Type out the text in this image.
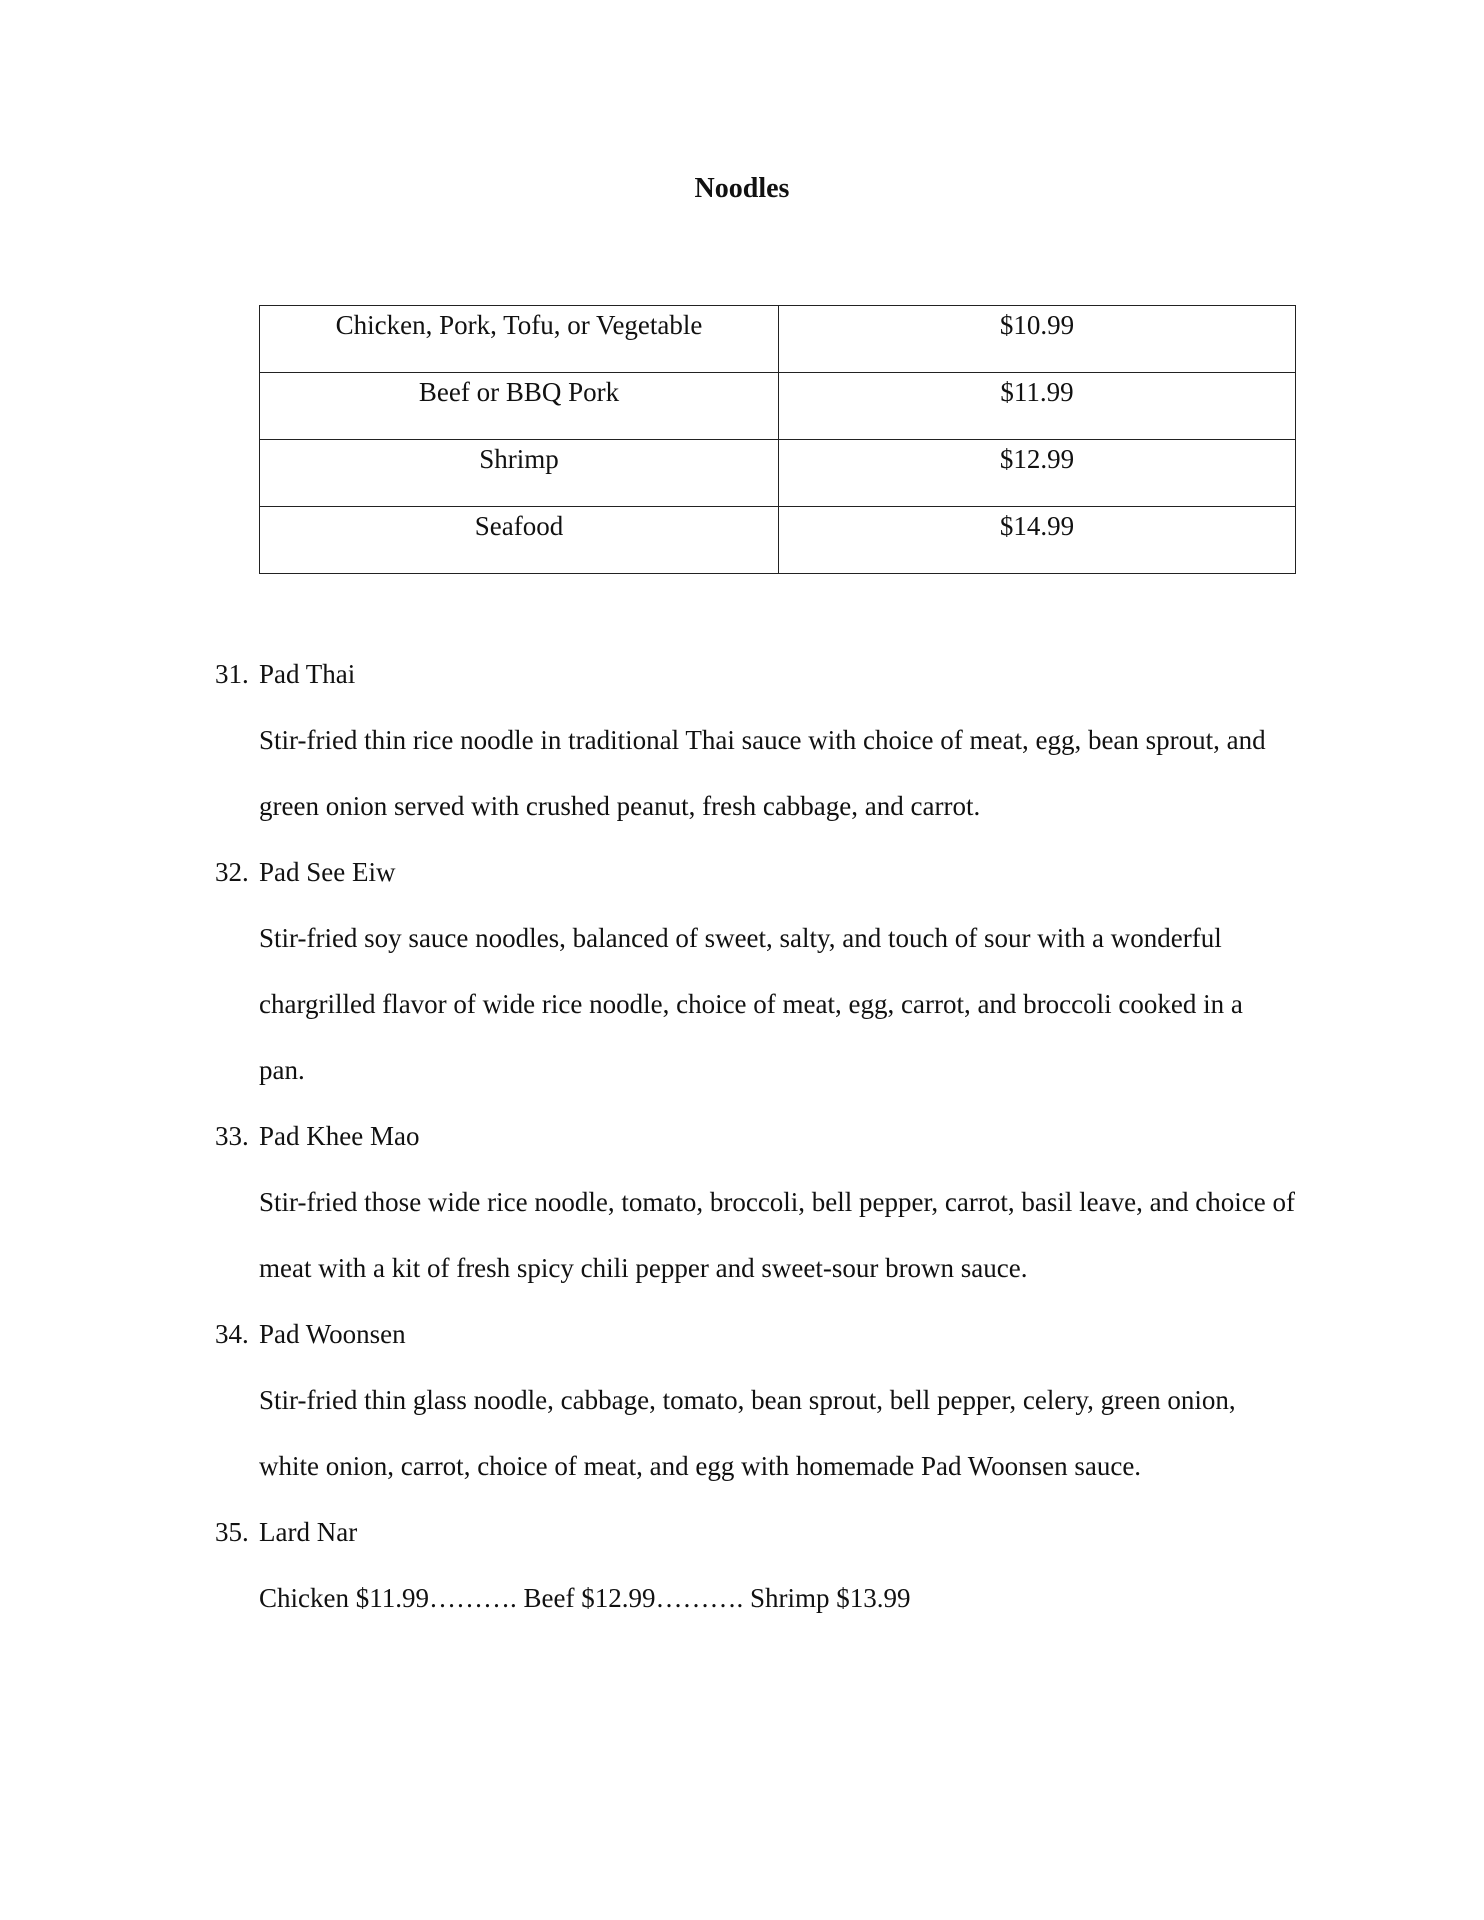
Noodles
Chicken, Pork, Tofu, or Vegetable	$10.99
Beef or BBQ Pork	$11.99
Shrimp	$12.99
Seafood	$14.99
31. Pad Thai
Stir-fried thin rice noodle in traditional Thai sauce with choice of meat, egg, bean sprout, and green onion served with crushed peanut, fresh cabbage, and carrot.
32. Pad See Eiw
Stir-fried soy sauce noodles, balanced of sweet, salty, and touch of sour with a wonderful chargrilled flavor of wide rice noodle, choice of meat, egg, carrot, and broccoli cooked in a pan.
33. Pad Khee Mao
Stir-fried those wide rice noodle, tomato, broccoli, bell pepper, carrot, basil leave, and choice of meat with a kit of fresh spicy chili pepper and sweet-sour brown sauce.
34. Pad Woonsen
Stir-fried thin glass noodle, cabbage, tomato, bean sprout, bell pepper, celery, green onion, white onion, carrot, choice of meat, and egg with homemade Pad Woonsen sauce.
35. Lard Nar
Chicken $11.99………. Beef $12.99………. Shrimp $13.99
